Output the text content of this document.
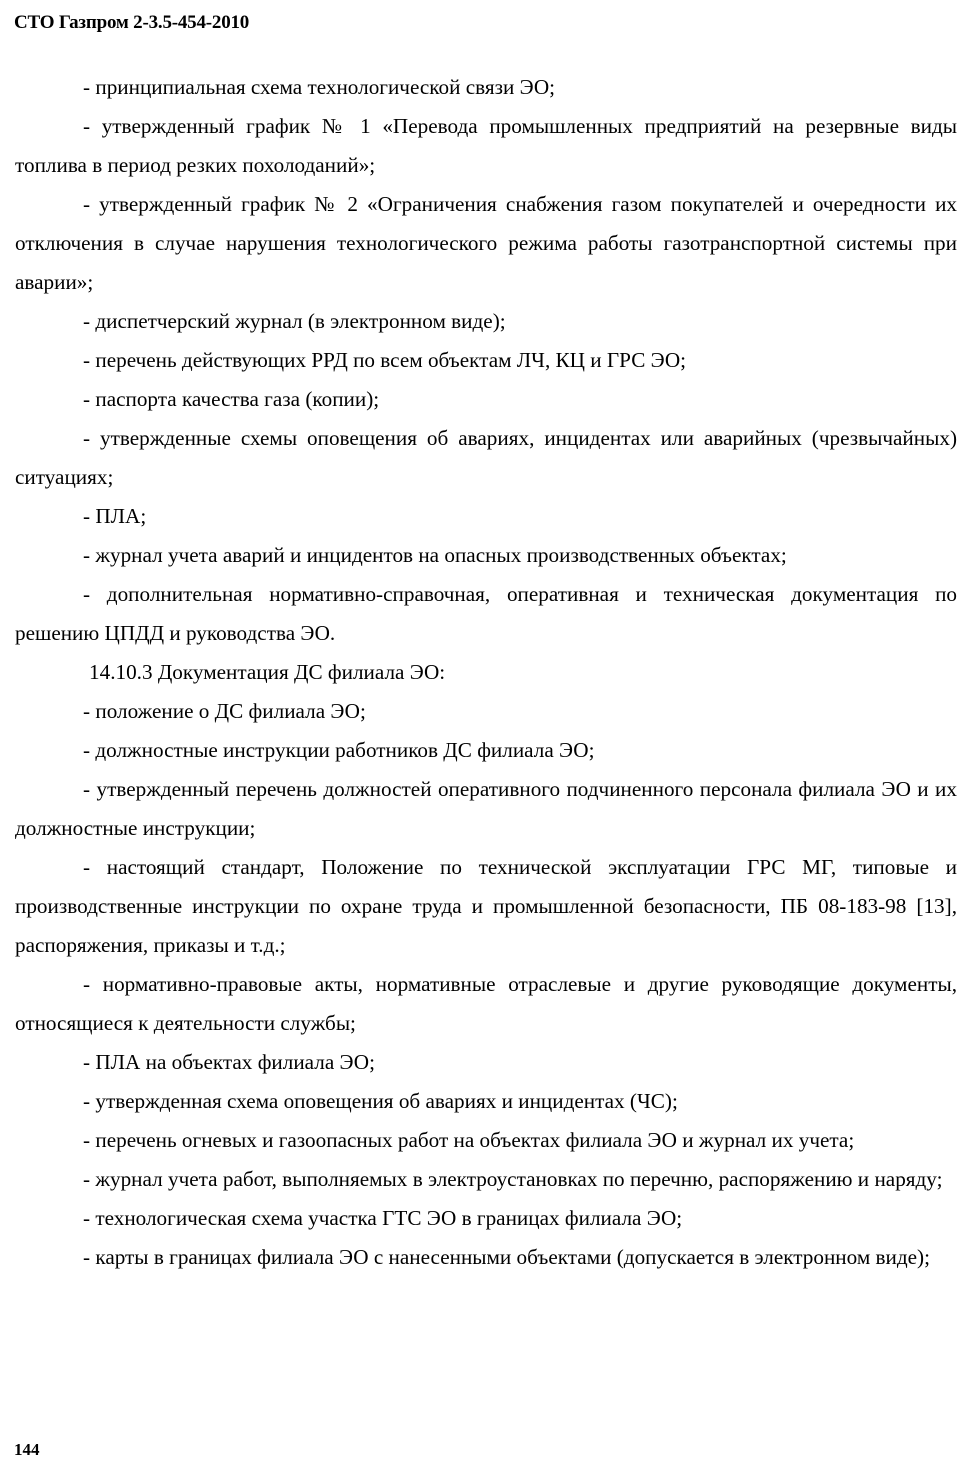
СТО Газпром 2-3.5-454-2010

- принципиальная схема технологической связи ЭО;

- утвержденный график № 1 «Перевода промышленных предприятий на резервные виды топлива в период резких похолоданий»;

- утвержденный график № 2 «Ограничения снабжения газом покупателей и очередности их отключения в случае нарушения технологического режима работы газотранспортной системы при аварии»;

- диспетчерский журнал (в электронном виде);

- перечень действующих РРД по всем объектам ЛЧ, КЦ и ГРС ЭО;

- паспорта качества газа (копии);

- утвержденные схемы оповещения об авариях, инцидентах или аварийных (чрезвычайных) ситуациях;

- ПЛА;

- журнал учета аварий и инцидентов на опасных производственных объектах;

- дополнительная нормативно-справочная, оперативная и техническая документация по решению ЦПДД и руководства ЭО.

14.10.3 Документация ДС филиала ЭО:

- положение о ДС филиала ЭО;

- должностные инструкции работников ДС филиала ЭО;

- утвержденный перечень должностей оперативного подчиненного персонала филиала ЭО и их должностные инструкции;

- настоящий стандарт, Положение по технической эксплуатации ГРС МГ, типовые и производственные инструкции по охране труда и промышленной безопасности, ПБ 08-183-98 [13], распоряжения, приказы и т.д.;

- нормативно-правовые акты, нормативные отраслевые и другие руководящие документы, относящиеся к деятельности службы;

- ПЛА на объектах филиала ЭО;

- утвержденная схема оповещения об авариях и инцидентах (ЧС);

- перечень огневых и газоопасных работ на объектах филиала ЭО и журнал их учета;

- журнал учета работ, выполняемых в электроустановках по перечню, распоряжению и наряду;

- технологическая схема участка ГТС ЭО в границах филиала ЭО;

- карты в границах филиала ЭО с нанесенными объектами (допускается в электронном виде);

144
